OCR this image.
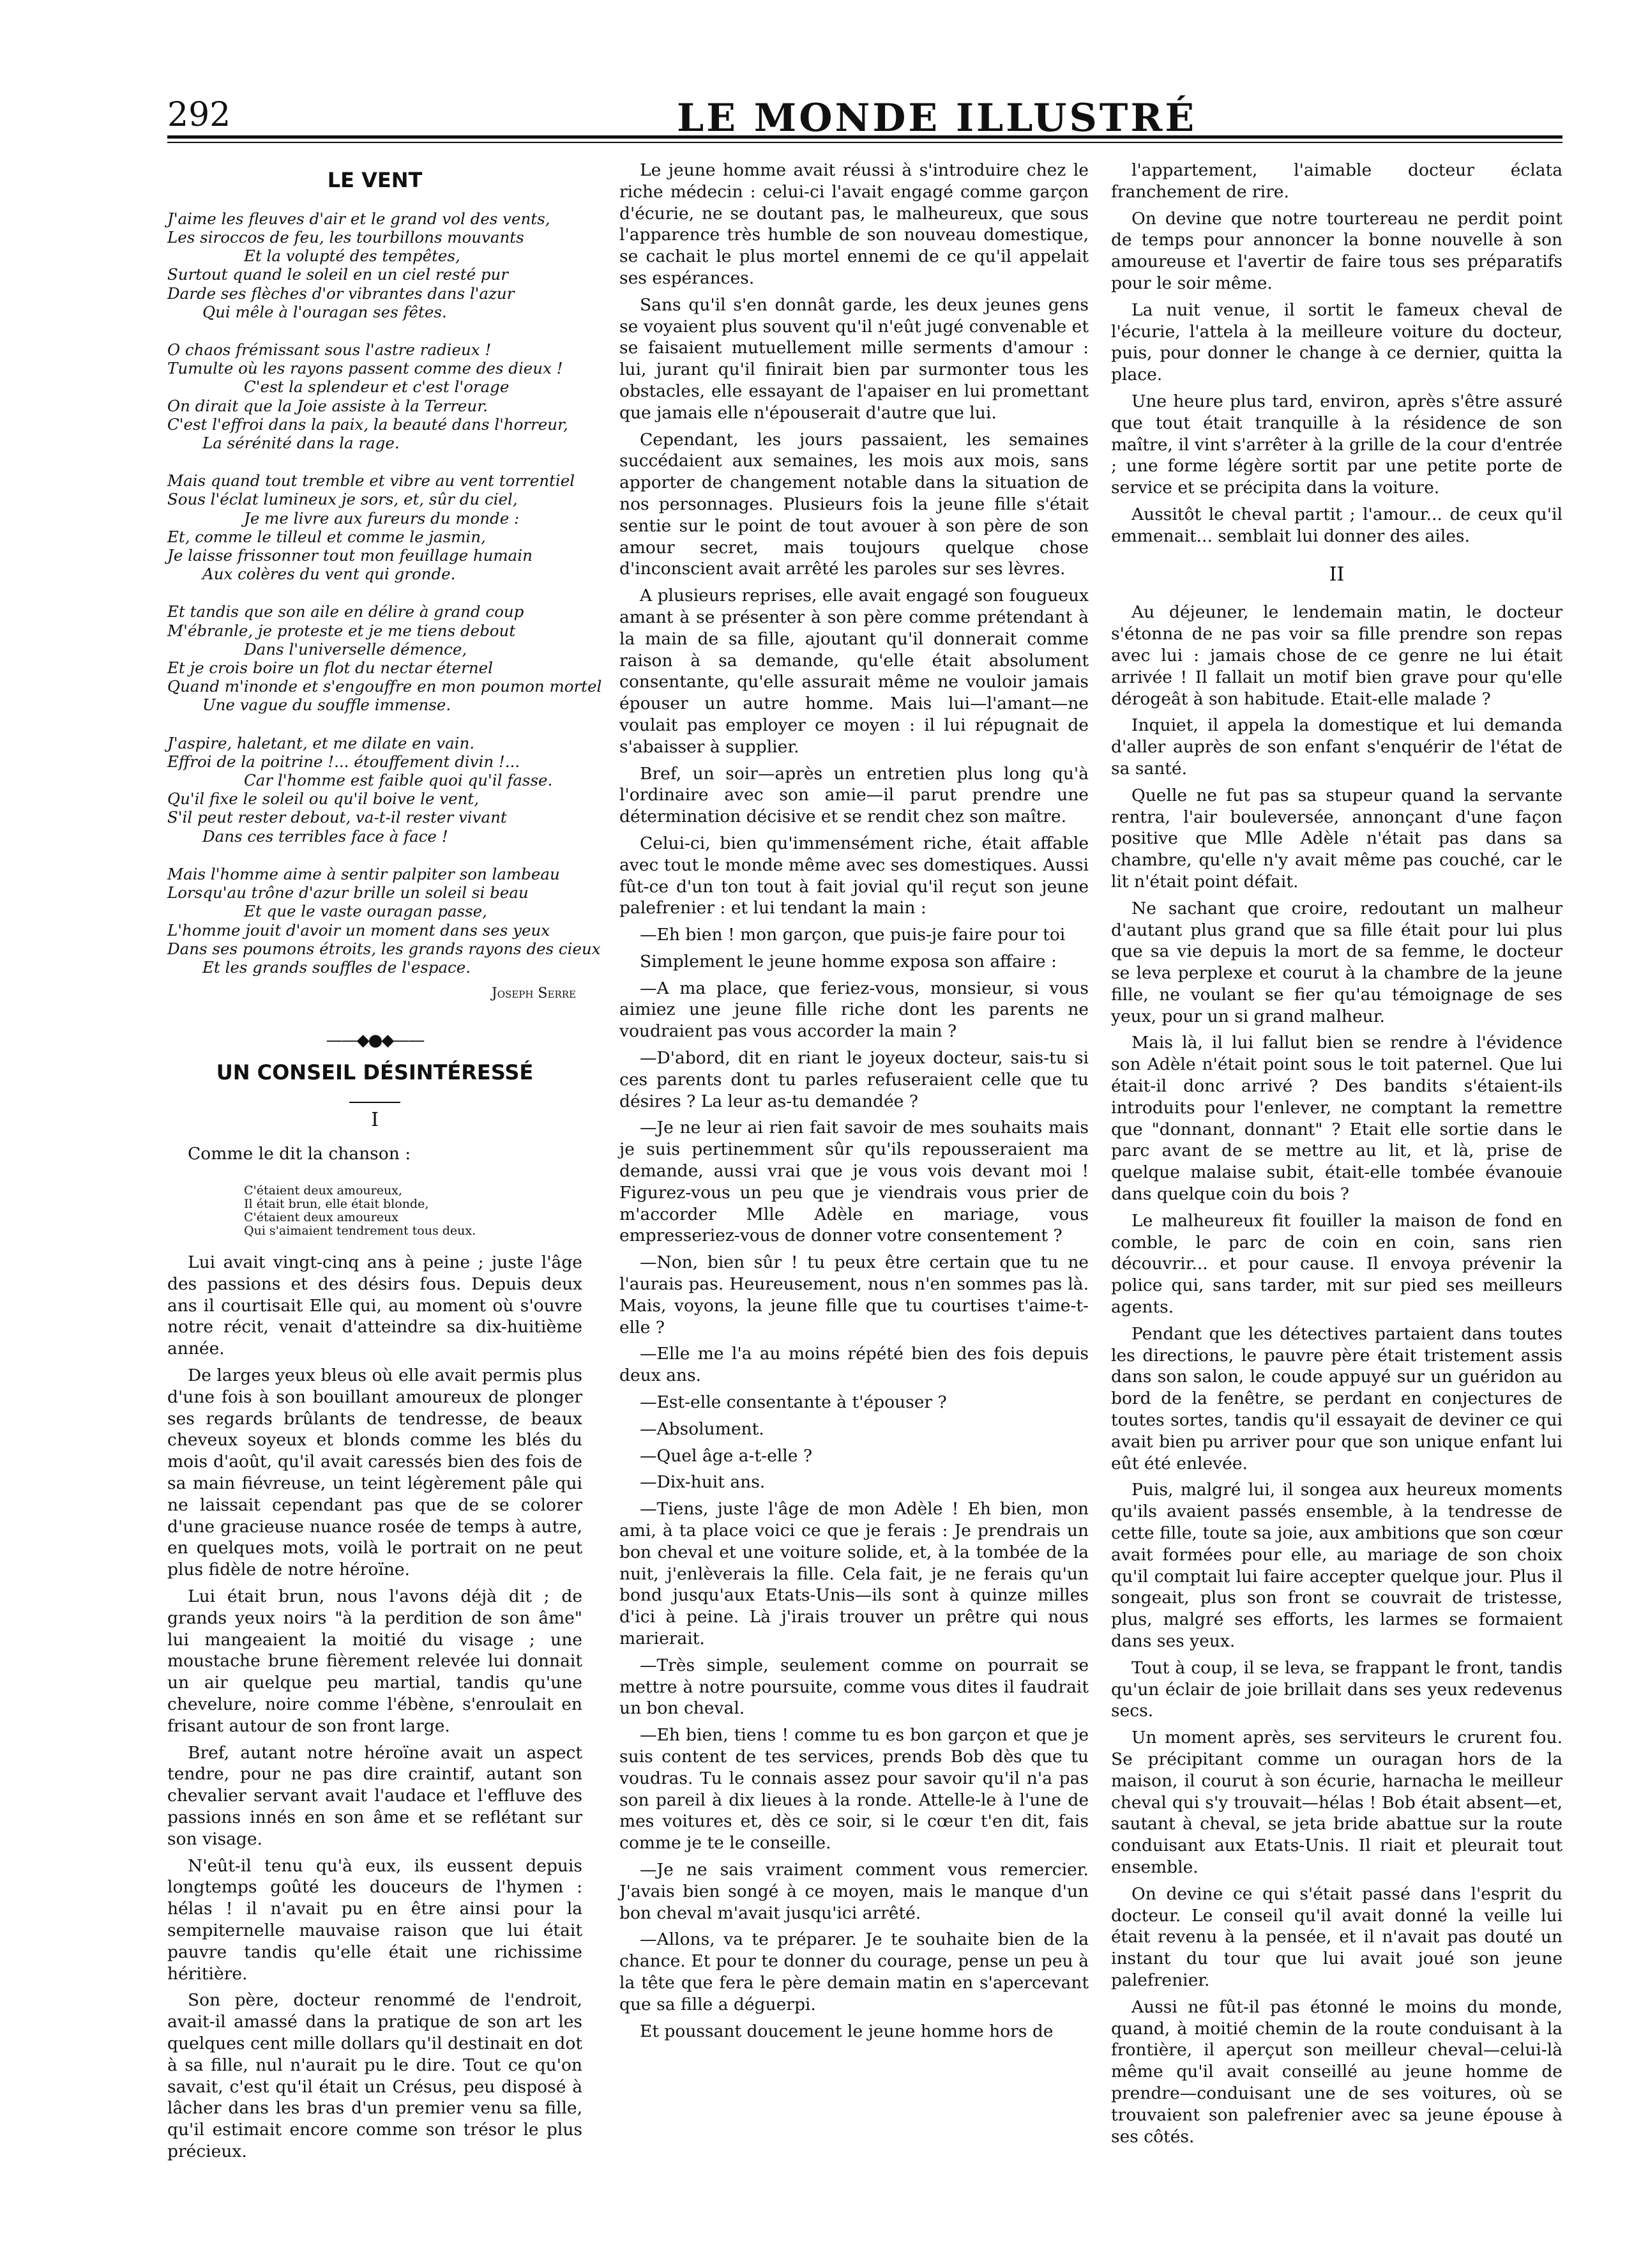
292	LE MONDE ILLUSTRÉ
LE VENT
J'aime les fleuves d'air et le grand vol des vents,
Les siroccos de feu, les tourbillons mouvants
Et la volupté des tempêtes,
Surtout quand le soleil en un ciel resté pur
Darde ses flèches d'or vibrantes dans l'azur
Qui mêle à l'ouragan ses fêtes.
O chaos frémissant sous l'astre radieux !
Tumulte où les rayons passent comme des dieux !
C'est la splendeur et c'est l'orage
On dirait que la Joie assiste à la Terreur.
C'est l'effroi dans la paix, la beauté dans l'horreur,
La sérénité dans la rage.
Mais quand tout tremble et vibre au vent torrentiel
Sous l'éclat lumineux je sors, et, sûr du ciel,
Je me livre aux fureurs du monde :
Et, comme le tilleul et comme le jasmin,
Je laisse frissonner tout mon feuillage humain
Aux colères du vent qui gronde.
Et tandis que son aile en délire à grand coup
M'ébranle, je proteste et je me tiens debout
Dans l'universelle démence,
Et je crois boire un flot du nectar éternel
Quand m'inonde et s'engouffre en mon poumon mortel
Une vague du souffle immense.
J'aspire, haletant, et me dilate en vain.
Effroi de la poitrine !... étouffement divin !...
Car l'homme est faible quoi qu'il fasse.
Qu'il fixe le soleil ou qu'il boive le vent,
S'il peut rester debout, va-t-il rester vivant
Dans ces terribles face à face !
Mais l'homme aime à sentir palpiter son lambeau
Lorsqu'au trône d'azur brille un soleil si beau
Et que le vaste ouragan passe,
L'homme jouit d'avoir un moment dans ses yeux
Dans ses poumons étroits, les grands rayons des cieux
Et les grands souffles de l'espace.
Joseph Serre
——◆●◆——
UN CONSEIL DÉSINTÉRESSÉ
I
Comme le dit la chanson :
C'étaient deux amoureux,
Il était brun, elle était blonde,
C'étaient deux amoureux
Qui s'aimaient tendrement tous deux.

Lui avait vingt-cinq ans à peine ; juste l'âge des passions et des désirs fous. Depuis deux ans il courtisait Elle qui, au moment où s'ouvre notre récit, venait d'atteindre sa dix-huitième année.

De larges yeux bleus où elle avait permis plus d'une fois à son bouillant amoureux de plonger ses regards brûlants de tendresse, de beaux cheveux soyeux et blonds comme les blés du mois d'août, qu'il avait caressés bien des fois de sa main fiévreuse, un teint légèrement pâle qui ne laissait cependant pas que de se colorer d'une gracieuse nuance rosée de temps à autre, en quelques mots, voilà le portrait on ne peut plus fidèle de notre héroïne.

Lui était brun, nous l'avons déjà dit ; de grands yeux noirs "à la perdition de son âme" lui mangeaient la moitié du visage ; une moustache brune fièrement relevée lui donnait un air quelque peu martial, tandis qu'une chevelure, noire comme l'ébène, s'enroulait en frisant autour de son front large.

Bref, autant notre héroïne avait un aspect tendre, pour ne pas dire craintif, autant son chevalier servant avait l'audace et l'effluve des passions innés en son âme et se reflétant sur son visage.

N'eût-il tenu qu'à eux, ils eussent depuis longtemps goûté les douceurs de l'hymen : hélas ! il n'avait pu en être ainsi pour la sempiternelle mauvaise raison que lui était pauvre tandis qu'elle était une richissime héritière.

Son père, docteur renommé de l'endroit, avait-il amassé dans la pratique de son art les quelques cent mille dollars qu'il destinait en dot à sa fille, nul n'aurait pu le dire. Tout ce qu'on savait, c'est qu'il était un Crésus, peu disposé à lâcher dans les bras d'un premier venu sa fille, qu'il estimait encore comme son trésor le plus précieux.

Le jeune homme avait réussi à s'introduire chez le riche médecin : celui-ci l'avait engagé comme garçon d'écurie, ne se doutant pas, le malheureux, que sous l'apparence très humble de son nouveau domestique, se cachait le plus mortel ennemi de ce qu'il appelait ses espérances.

Sans qu'il s'en donnât garde, les deux jeunes gens se voyaient plus souvent qu'il n'eût jugé convenable et se faisaient mutuellement mille serments d'amour : lui, jurant qu'il finirait bien par surmonter tous les obstacles, elle essayant de l'apaiser en lui promettant que jamais elle n'épouserait d'autre que lui.

Cependant, les jours passaient, les semaines succédaient aux semaines, les mois aux mois, sans apporter de changement notable dans la situation de nos personnages. Plusieurs fois la jeune fille s'était sentie sur le point de tout avouer à son père de son amour secret, mais toujours quelque chose d'inconscient avait arrêté les paroles sur ses lèvres.

A plusieurs reprises, elle avait engagé son fougueux amant à se présenter à son père comme prétendant à la main de sa fille, ajoutant qu'il donnerait comme raison à sa demande, qu'elle était absolument consentante, qu'elle assurait même ne vouloir jamais épouser un autre homme. Mais lui—l'amant—ne voulait pas employer ce moyen : il lui répugnait de s'abaisser à supplier.

Bref, un soir—après un entretien plus long qu'à l'ordinaire avec son amie—il parut prendre une détermination décisive et se rendit chez son maître.

Celui-ci, bien qu'immensément riche, était affable avec tout le monde même avec ses domestiques. Aussi fût-ce d'un ton tout à fait jovial qu'il reçut son jeune palefrenier : et lui tendant la main :

—Eh bien ! mon garçon, que puis-je faire pour toi

Simplement le jeune homme exposa son affaire :

—A ma place, que feriez-vous, monsieur, si vous aimiez une jeune fille riche dont les parents ne voudraient pas vous accorder la main ?

—D'abord, dit en riant le joyeux docteur, sais-tu si ces parents dont tu parles refuseraient celle que tu désires ? La leur as-tu demandée ?

—Je ne leur ai rien fait savoir de mes souhaits mais je suis pertinemment sûr qu'ils repousseraient ma demande, aussi vrai que je vous vois devant moi ! Figurez-vous un peu que je viendrais vous prier de m'accorder Mlle Adèle en mariage, vous empresseriez-vous de donner votre consentement ?

—Non, bien sûr ! tu peux être certain que tu ne l'aurais pas. Heureusement, nous n'en sommes pas là. Mais, voyons, la jeune fille que tu courtises t'aime-t-elle ?

—Elle me l'a au moins répété bien des fois depuis deux ans.

—Est-elle consentante à t'épouser ?

—Absolument.

—Quel âge a-t-elle ?

—Dix-huit ans.

—Tiens, juste l'âge de mon Adèle ! Eh bien, mon ami, à ta place voici ce que je ferais : Je prendrais un bon cheval et une voiture solide, et, à la tombée de la nuit, j'enlèverais la fille. Cela fait, je ne ferais qu'un bond jusqu'aux Etats-Unis—ils sont à quinze milles d'ici à peine. Là j'irais trouver un prêtre qui nous marierait.

—Très simple, seulement comme on pourrait se mettre à notre poursuite, comme vous dites il faudrait un bon cheval.

—Eh bien, tiens ! comme tu es bon garçon et que je suis content de tes services, prends Bob dès que tu voudras. Tu le connais assez pour savoir qu'il n'a pas son pareil à dix lieues à la ronde. Attelle-le à l'une de mes voitures et, dès ce soir, si le cœur t'en dit, fais comme je te le conseille.

—Je ne sais vraiment comment vous remercier. J'avais bien songé à ce moyen, mais le manque d'un bon cheval m'avait jusqu'ici arrêté.

—Allons, va te préparer. Je te souhaite bien de la chance. Et pour te donner du courage, pense un peu à la tête que fera le père demain matin en s'apercevant que sa fille a déguerpi.

Et poussant doucement le jeune homme hors de

l'appartement, l'aimable docteur éclata franchement de rire.

On devine que notre tourtereau ne perdit point de temps pour annoncer la bonne nouvelle à son amoureuse et l'avertir de faire tous ses préparatifs pour le soir même.

La nuit venue, il sortit le fameux cheval de l'écurie, l'attela à la meilleure voiture du docteur, puis, pour donner le change à ce dernier, quitta la place.

Une heure plus tard, environ, après s'être assuré que tout était tranquille à la résidence de son maître, il vint s'arrêter à la grille de la cour d'entrée ; une forme légère sortit par une petite porte de service et se précipita dans la voiture.

Aussitôt le cheval partit ; l'amour... de ceux qu'il emmenait... semblait lui donner des ailes.

II

Au déjeuner, le lendemain matin, le docteur s'étonna de ne pas voir sa fille prendre son repas avec lui : jamais chose de ce genre ne lui était arrivée ! Il fallait un motif bien grave pour qu'elle dérogeât à son habitude. Etait-elle malade ?

Inquiet, il appela la domestique et lui demanda d'aller auprès de son enfant s'enquérir de l'état de sa santé.

Quelle ne fut pas sa stupeur quand la servante rentra, l'air bouleversée, annonçant d'une façon positive que Mlle Adèle n'était pas dans sa chambre, qu'elle n'y avait même pas couché, car le lit n'était point défait.

Ne sachant que croire, redoutant un malheur d'autant plus grand que sa fille était pour lui plus que sa vie depuis la mort de sa femme, le docteur se leva perplexe et courut à la chambre de la jeune fille, ne voulant se fier qu'au témoignage de ses yeux, pour un si grand malheur.

Mais là, il lui fallut bien se rendre à l'évidence son Adèle n'était point sous le toit paternel. Que lui était-il donc arrivé ? Des bandits s'étaient-ils introduits pour l'enlever, ne comptant la remettre que "donnant, donnant" ? Etait elle sortie dans le parc avant de se mettre au lit, et là, prise de quelque malaise subit, était-elle tombée évanouie dans quelque coin du bois ?

Le malheureux fit fouiller la maison de fond en comble, le parc de coin en coin, sans rien découvrir... et pour cause. Il envoya prévenir la police qui, sans tarder, mit sur pied ses meilleurs agents.

Pendant que les détectives partaient dans toutes les directions, le pauvre père était tristement assis dans son salon, le coude appuyé sur un guéridon au bord de la fenêtre, se perdant en conjectures de toutes sortes, tandis qu'il essayait de deviner ce qui avait bien pu arriver pour que son unique enfant lui eût été enlevée.

Puis, malgré lui, il songea aux heureux moments qu'ils avaient passés ensemble, à la tendresse de cette fille, toute sa joie, aux ambitions que son cœur avait formées pour elle, au mariage de son choix qu'il comptait lui faire accepter quelque jour. Plus il songeait, plus son front se couvrait de tristesse, plus, malgré ses efforts, les larmes se formaient dans ses yeux.

Tout à coup, il se leva, se frappant le front, tandis qu'un éclair de joie brillait dans ses yeux redevenus secs.

Un moment après, ses serviteurs le crurent fou. Se précipitant comme un ouragan hors de la maison, il courut à son écurie, harnacha le meilleur cheval qui s'y trouvait—hélas ! Bob était absent—et, sautant à cheval, se jeta bride abattue sur la route conduisant aux Etats-Unis. Il riait et pleurait tout ensemble.

On devine ce qui s'était passé dans l'esprit du docteur. Le conseil qu'il avait donné la veille lui était revenu à la pensée, et il n'avait pas douté un instant du tour que lui avait joué son jeune palefrenier.

Aussi ne fût-il pas étonné le moins du monde, quand, à moitié chemin de la route conduisant à la frontière, il aperçut son meilleur cheval—celui-là même qu'il avait conseillé au jeune homme de prendre—conduisant une de ses voitures, où se trouvaient son palefrenier avec sa jeune épouse à ses côtés.
